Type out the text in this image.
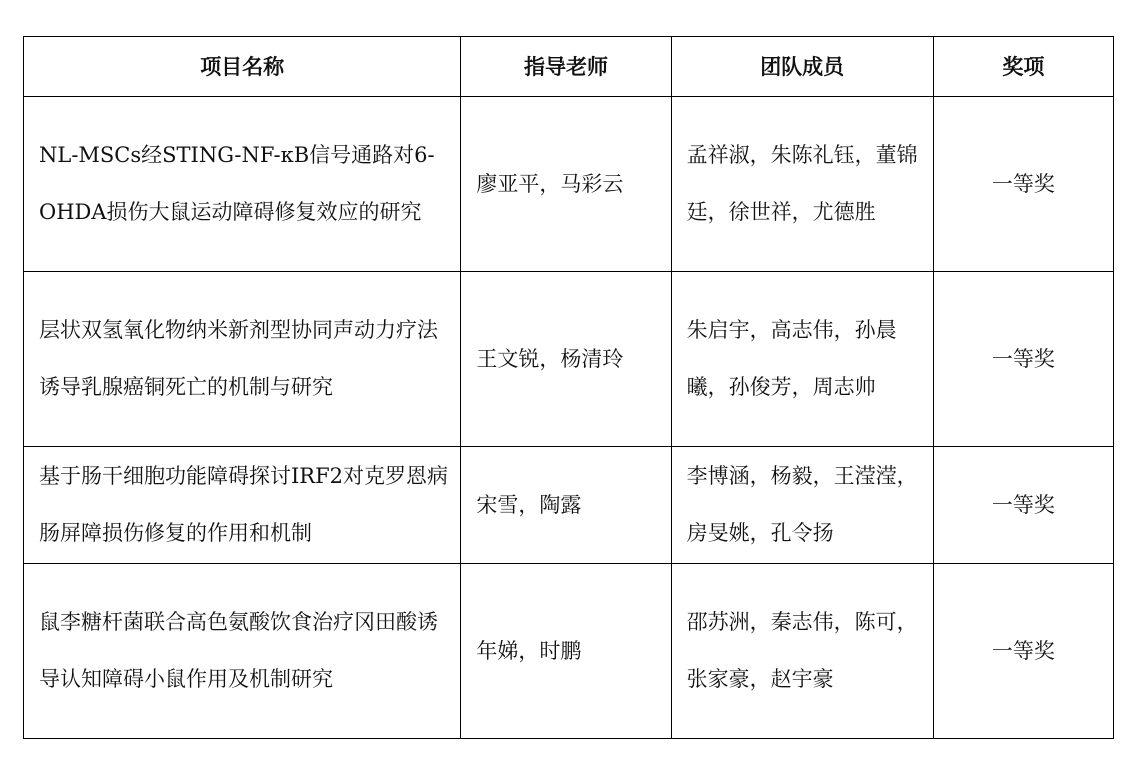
项目名称	指导老师	团队成员	奖项
NL-MSCs经STING-NF-κB信号通路对6-OHDA损伤大鼠运动障碍修复效应的研究	廖亚平，马彩云	孟祥淑，朱陈礼钰，董锦廷，徐世祥，尤德胜	一等奖
层状双氢氧化物纳米新剂型协同声动力疗法诱导乳腺癌铜死亡的机制与研究	王文锐，杨清玲	朱启宇，高志伟，孙晨曦，孙俊芳，周志帅	一等奖
基于肠干细胞功能障碍探讨IRF2对克罗恩病肠屏障损伤修复的作用和机制	宋雪，陶露	李博涵，杨毅，王滢滢，房旻姚，孔令扬	一等奖
鼠李糖杆菌联合高色氨酸饮食治疗冈田酸诱导认知障碍小鼠作用及机制研究	年娣，时鹏	邵苏洲，秦志伟，陈可，张家豪，赵宇豪	一等奖
